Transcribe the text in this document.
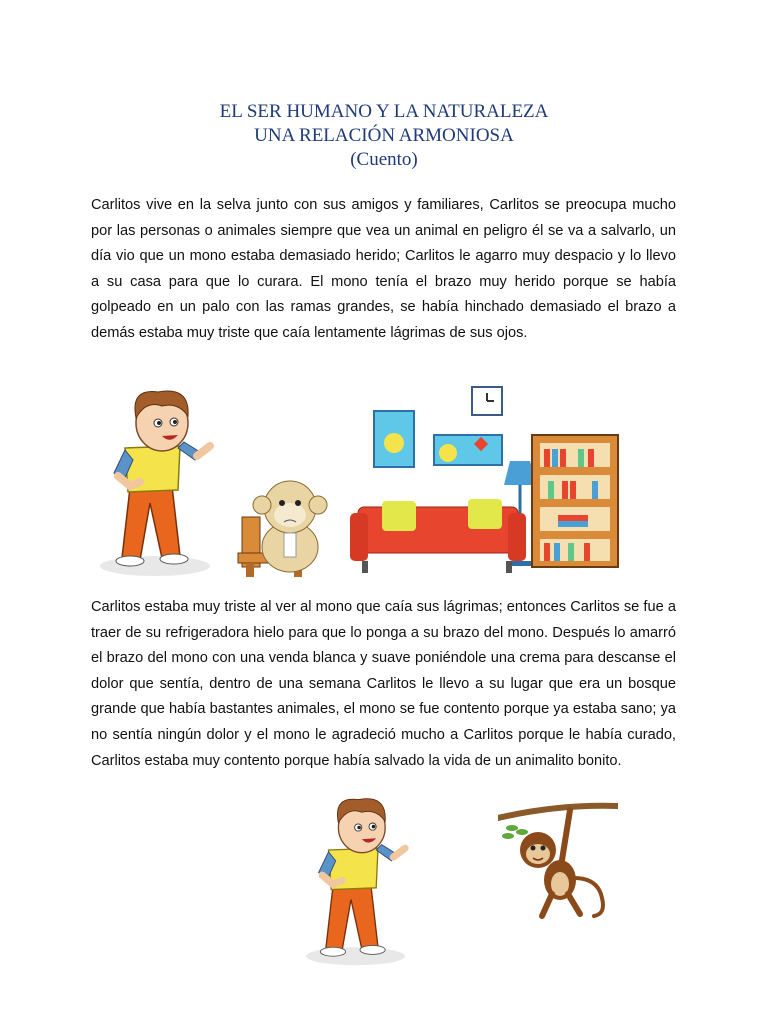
EL SER HUMANO Y LA NATURALEZA
UNA RELACIÓN ARMONIOSA
(Cuento)

Carlitos vive en la selva junto con sus amigos y familiares, Carlitos se preocupa mucho por las personas o animales siempre que vea un animal en peligro él se va a salvarlo, un día vio que un mono estaba demasiado herido; Carlitos le agarro muy despacio y lo llevo a su casa para que lo curara. El mono tenía el brazo muy herido porque se había golpeado en un palo con las ramas grandes, se había hinchado demasiado el brazo a demás estaba muy triste que caía lentamente lágrimas de sus ojos.

Carlitos estaba muy triste al ver al mono que caía sus lágrimas; entonces Carlitos se fue a traer de su refrigeradora hielo para que lo ponga a su brazo del mono. Después lo amarró el brazo del mono con una venda blanca y suave poniéndole una crema para descanse el dolor que sentía, dentro de una semana Carlitos le llevo a su lugar que era un bosque grande que había bastantes animales, el mono se fue contento porque ya estaba sano; ya no sentía ningún dolor y el mono le agradeció mucho a Carlitos porque le había curado, Carlitos estaba muy contento porque había salvado la vida de un animalito bonito.
